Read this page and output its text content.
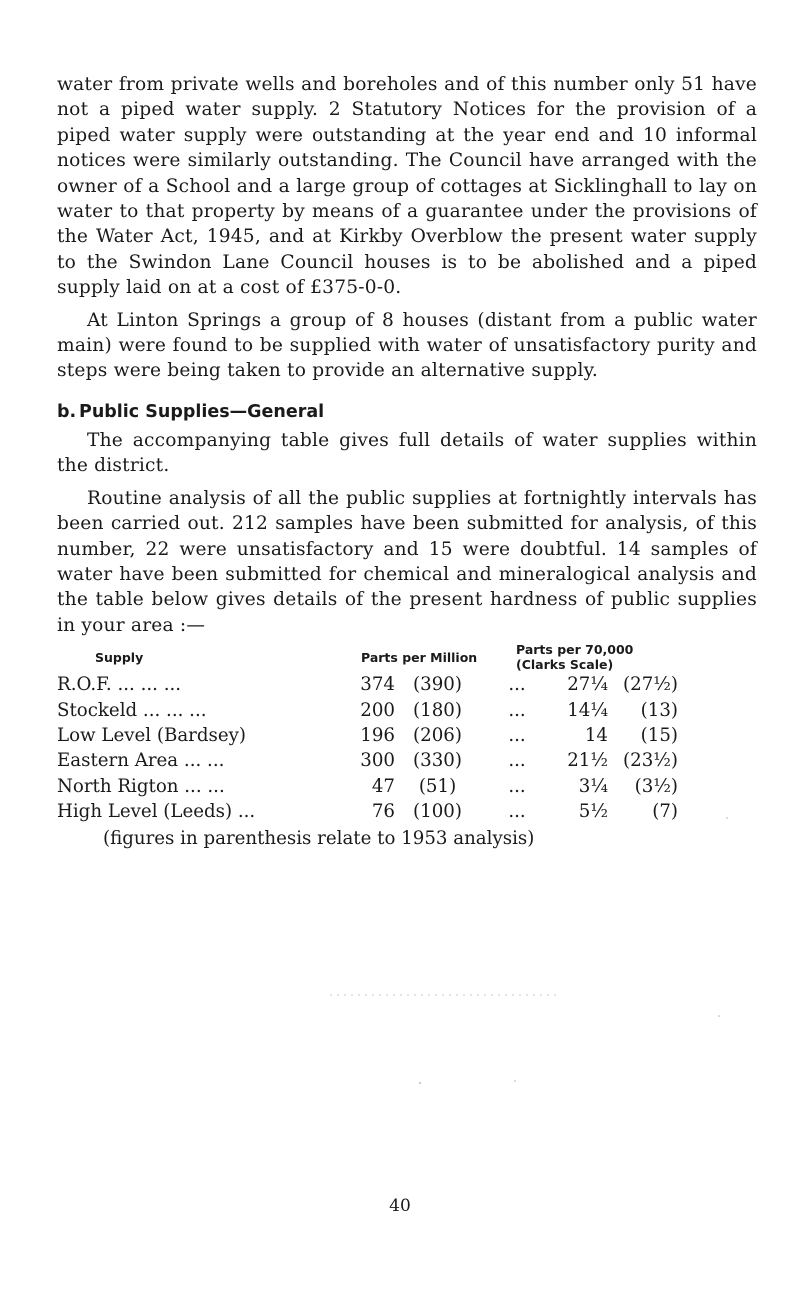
water from private wells and boreholes and of this number only 51 have not a piped water supply. 2 Statutory Notices for the provision of a piped water supply were outstanding at the year end and 10 informal notices were similarly outstanding. The Council have arranged with the owner of a School and a large group of cottages at Sicklinghall to lay on water to that property by means of a guarantee under the provisions of the Water Act, 1945, and at Kirkby Overblow the present water supply to the Swindon Lane Council houses is to be abolished and a piped supply laid on at a cost of £375-0-0.

At Linton Springs a group of 8 houses (distant from a public water main) were found to be supplied with water of unsatisfactory purity and steps were being taken to provide an alternative supply.

b. Public Supplies—General

The accompanying table gives full details of water supplies within the district.

Routine analysis of all the public supplies at fortnightly intervals has been carried out. 212 samples have been submitted for analysis, of this number, 22 were unsatisfactory and 15 were doubtful. 14 samples of water have been submitted for chemical and mineralogical analysis and the table below gives details of the present hardness of public supplies in your area :—

Supply	Parts per Million		Parts per 70,000 (Clarks Scale)		
R.O.F. ... ... ...	374	(390)	...	27¼	(27½)
Stockeld ... ... ...	200	(180)	...	14¼	(13)
Low Level (Bardsey)	196	(206)	...	14	(15)
Eastern Area ... ...	300	(330)	...	21½	(23½)
North Rigton ... ...	47	(51)	...	3¼	(3½)
High Level (Leeds) ...	76	(100)	...	5½	(7)
(figures in parenthesis relate to 1953 analysis)
40
